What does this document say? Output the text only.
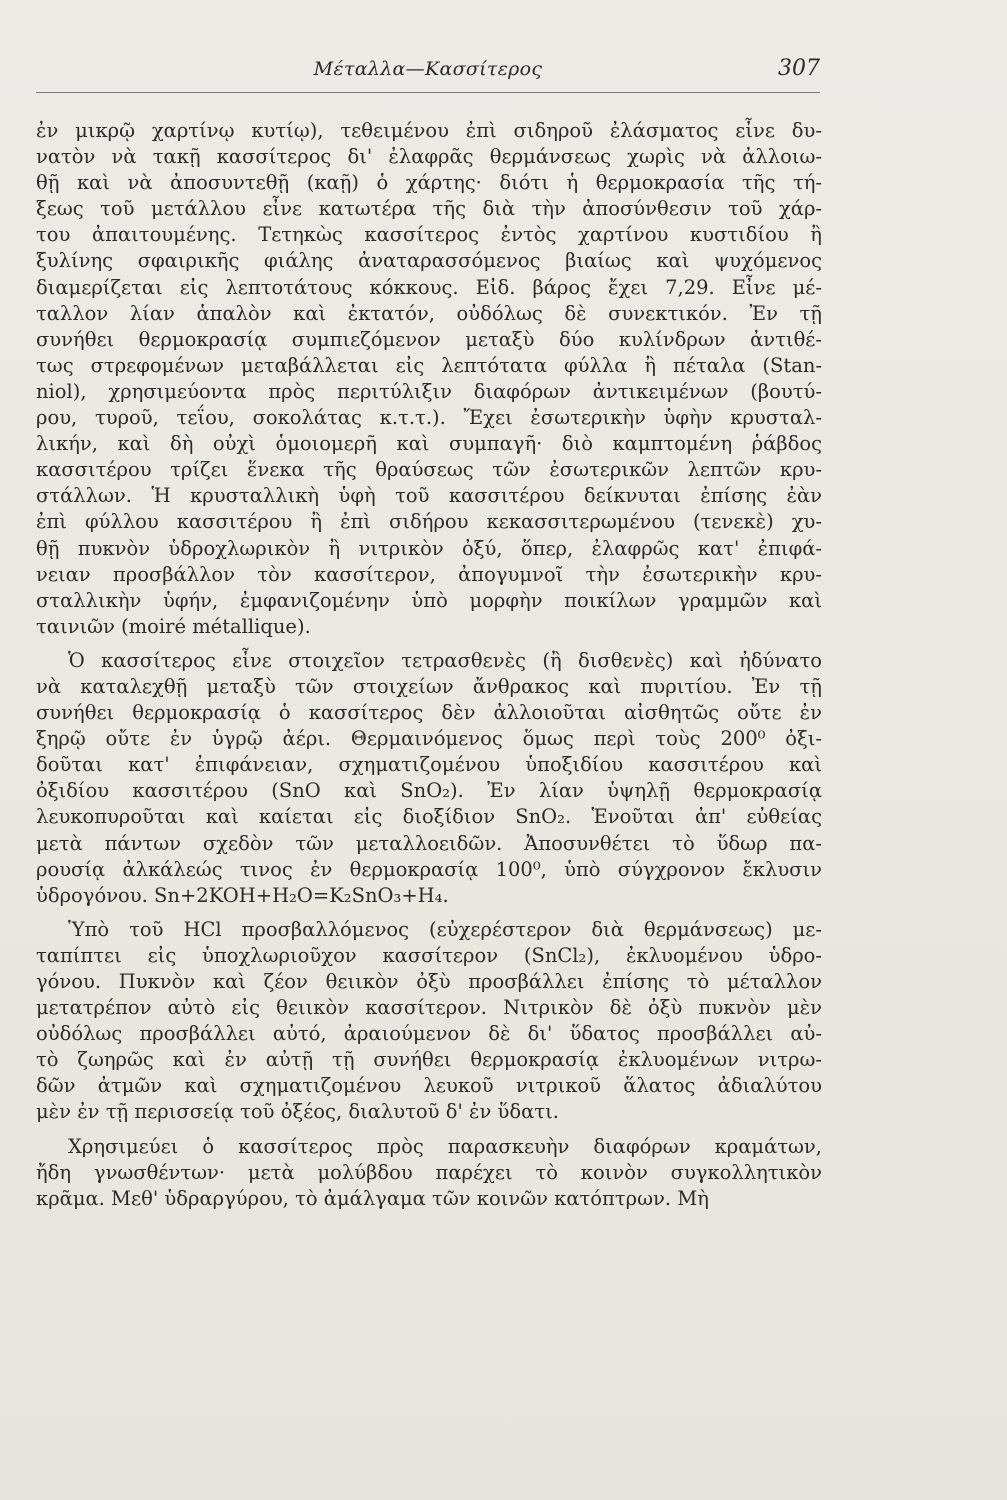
Μέταλλα—Κασσίτερος	307

ἐν μικρῷ χαρτίνῳ κυτίῳ), τεθειμένου ἐπὶ σιδηροῦ ἐλάσματος εἶνε δυ-
νατὸν νὰ τακῇ κασσίτερος δι' ἐλαφρᾶς θερμάνσεως χωρὶς νὰ ἀλλοιω-
θῇ καὶ νὰ ἀποσυντεθῇ (καῇ) ὁ χάρτης· διότι ἡ θερμοκρασία τῆς τή-
ξεως τοῦ μετάλλου εἶνε κατωτέρα τῆς διὰ τὴν ἀποσύνθεσιν τοῦ χάρ-
του ἀπαιτουμένης. Τετηκὼς κασσίτερος ἐντὸς χαρτίνου κυστιδίου ἢ
ξυλίνης σφαιρικῆς φιάλης ἀναταρασσόμενος βιαίως καὶ ψυχόμενος
διαμερίζεται εἰς λεπτοτάτους κόκκους. Εἰδ. βάρος ἔχει 7,29. Εἶνε μέ-
ταλλον λίαν ἁπαλὸν καὶ ἐκτατόν, οὐδόλως δὲ συνεκτικόν. Ἐν τῇ
συνήθει θερμοκρασίᾳ συμπιεζόμενον μεταξὺ δύο κυλίνδρων ἀντιθέ-
τως στρεφομένων μεταβάλλεται εἰς λεπτότατα φύλλα ἢ πέταλα (Stan-
niol), χρησιμεύοντα πρὸς περιτύλιξιν διαφόρων ἀντικειμένων (βουτύ-
ρου, τυροῦ, τεΐου, σοκολάτας κ.τ.τ.). Ἔχει ἐσωτερικὴν ὑφὴν κρυσταλ-
λικήν, καὶ δὴ οὐχὶ ὁμοιομερῆ καὶ συμπαγῆ· διὸ καμπτομένη ῥάβδος
κασσιτέρου τρίζει ἕνεκα τῆς θραύσεως τῶν ἐσωτερικῶν λεπτῶν κρυ-
στάλλων. Ἡ κρυσταλλικὴ ὑφὴ τοῦ κασσιτέρου δείκνυται ἐπίσης ἐὰν
ἐπὶ φύλλου κασσιτέρου ἢ ἐπὶ σιδήρου κεκασσιτερωμένου (τενεκὲ) χυ-
θῇ πυκνὸν ὑδροχλωρικὸν ἢ νιτρικὸν ὀξύ, ὅπερ, ἐλαφρῶς κατ' ἐπιφά-
νειαν προσβάλλον τὸν κασσίτερον, ἀπογυμνοῖ τὴν ἐσωτερικὴν κρυ-
σταλλικὴν ὑφήν, ἐμφανιζομένην ὑπὸ μορφὴν ποικίλων γραμμῶν καὶ
ταινιῶν (moiré métallique).

Ὁ κασσίτερος εἶνε στοιχεῖον τετρασθενὲς (ἢ δισθενὲς) καὶ ἠδύνατο
νὰ καταλεχθῇ μεταξὺ τῶν στοιχείων ἄνθρακος καὶ πυριτίου. Ἐν τῇ
συνήθει θερμοκρασίᾳ ὁ κασσίτερος δὲν ἀλλοιοῦται αἰσθητῶς οὔτε ἐν
ξηρῷ οὔτε ἐν ὑγρῷ ἀέρι. Θερμαινόμενος ὅμως περὶ τοὺς 200⁰ ὀξι-
δοῦται κατ' ἐπιφάνειαν, σχηματιζομένου ὑποξιδίου κασσιτέρου καὶ
ὀξιδίου κασσιτέρου (SnO καὶ SnO₂). Ἐν λίαν ὑψηλῇ θερμοκρασίᾳ
λευκοπυροῦται καὶ καίεται εἰς διοξίδιον SnO₂. Ἑνοῦται ἀπ' εὐθείας
μετὰ πάντων σχεδὸν τῶν μεταλλοειδῶν. Ἀποσυνθέτει τὸ ὕδωρ πα-
ρουσίᾳ ἀλκάλεώς τινος ἐν θερμοκρασίᾳ 100⁰, ὑπὸ σύγχρονον ἔκλυσιν
ὑδρογόνου. Sn+2KOH+H₂O=K₂SnO₃+H₄.

Ὑπὸ τοῦ HCl προσβαλλόμενος (εὐχερέστερον διὰ θερμάνσεως) με-
ταπίπτει εἰς ὑποχλωριοῦχον κασσίτερον (SnCl₂), ἐκλυομένου ὑδρο-
γόνου. Πυκνὸν καὶ ζέον θειικὸν ὀξὺ προσβάλλει ἐπίσης τὸ μέταλλον
μετατρέπον αὐτὸ εἰς θειικὸν κασσίτερον. Νιτρικὸν δὲ ὀξὺ πυκνὸν μὲν
οὐδόλως προσβάλλει αὐτό, ἀραιούμενον δὲ δι' ὕδατος προσβάλλει αὐ-
τὸ ζωηρῶς καὶ ἐν αὐτῇ τῇ συνήθει θερμοκρασίᾳ ἐκλυομένων νιτρω-
δῶν ἀτμῶν καὶ σχηματιζομένου λευκοῦ νιτρικοῦ ἅλατος ἀδιαλύτου
μὲν ἐν τῇ περισσείᾳ τοῦ ὀξέος, διαλυτοῦ δ' ἐν ὕδατι.

Χρησιμεύει ὁ κασσίτερος πρὸς παρασκευὴν διαφόρων κραμάτων,
ἤδη γνωσθέντων· μετὰ μολύβδου παρέχει τὸ κοινὸν συγκολλητικὸν
κρᾶμα. Μεθ' ὑδραργύρου, τὸ ἀμάλγαμα τῶν κοινῶν κατόπτρων. Μὴ
